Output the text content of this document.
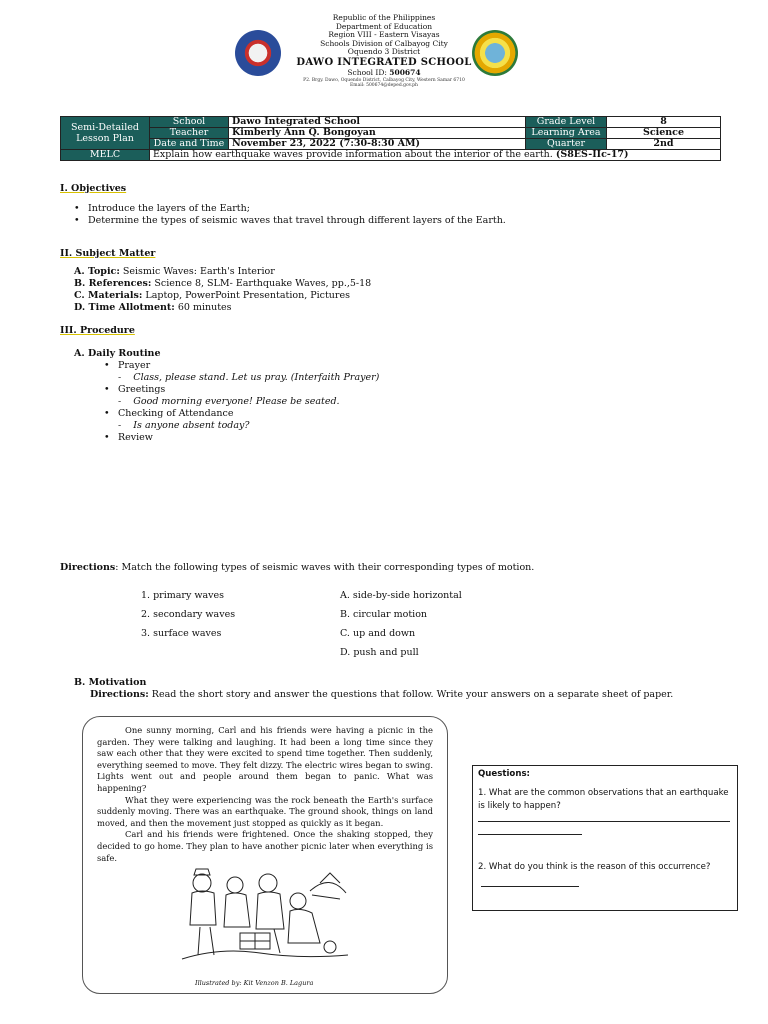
Republic of the Philippines
Department of Education
Region VIII - Eastern Visayas
Schools Division of Calbayog City
Oquendo 3 District
DAWO INTEGRATED SCHOOL
School ID: 500674
P2. Brgy. Dawo, Oquendo District, Calbayog City, Western Samar 6710
Email: 500674@deped.gov.ph
Semi-Detailed Lesson Plan	School	Dawo Integrated School	Grade Level	8
	Teacher	Kimberly Ann Q. Bongoyan	Learning Area	Science
	Date and Time	November 23, 2022 (7:30-8:30 AM)	Quarter	2nd
MELC	Explain how earthquake waves provide information about the interior of the earth. (S8ES-IIc-17)			
I. Objectives
• Introduce the layers of the Earth;
• Determine the types of seismic waves that travel through different layers of the Earth.
II. Subject Matter
A. Topic: Seismic Waves: Earth's Interior
B. References: Science 8, SLM- Earthquake Waves, pp.,5-18
C. Materials: Laptop, PowerPoint Presentation, Pictures
D. Time Allotment: 60 minutes
III. Procedure
A. Daily Routine
• Prayer
-    Class, please stand. Let us pray. (Interfaith Prayer)
• Greetings
-    Good morning everyone! Please be seated.
• Checking of Attendance
-    Is anyone absent today?
• Review
Directions: Match the following types of seismic waves with their corresponding types of motion.
1. primary waves
2. secondary waves
3. surface waves
A. side-by-side horizontal
B. circular motion
C. up and down
D. push and pull
B. Motivation
Directions: Read the short story and answer the questions that follow. Write your answers on a separate sheet of paper.

One sunny morning, Carl and his friends were having a picnic in the garden. They were talking and laughing. It had been a long time since they saw each other that they were excited to spend time together. Then suddenly, everything seemed to move. They felt dizzy. The electric wires began to swing. Lights went out and people around them began to panic. What was happening?

What they were experiencing was the rock beneath the Earth's surface suddenly moving. There was an earthquake. The ground shook, things on land moved, and then the movement just stopped as quickly as it began.

Carl and his friends were frightened. Once the shaking stopped, they decided to go home. They plan to have another picnic later when everything is safe.

Illustrated by: Kit Venzon B. Lagura
Questions:
1. What are the common observations that an earthquake is likely to happen?
2. What do you think is the reason of this occurrence?
